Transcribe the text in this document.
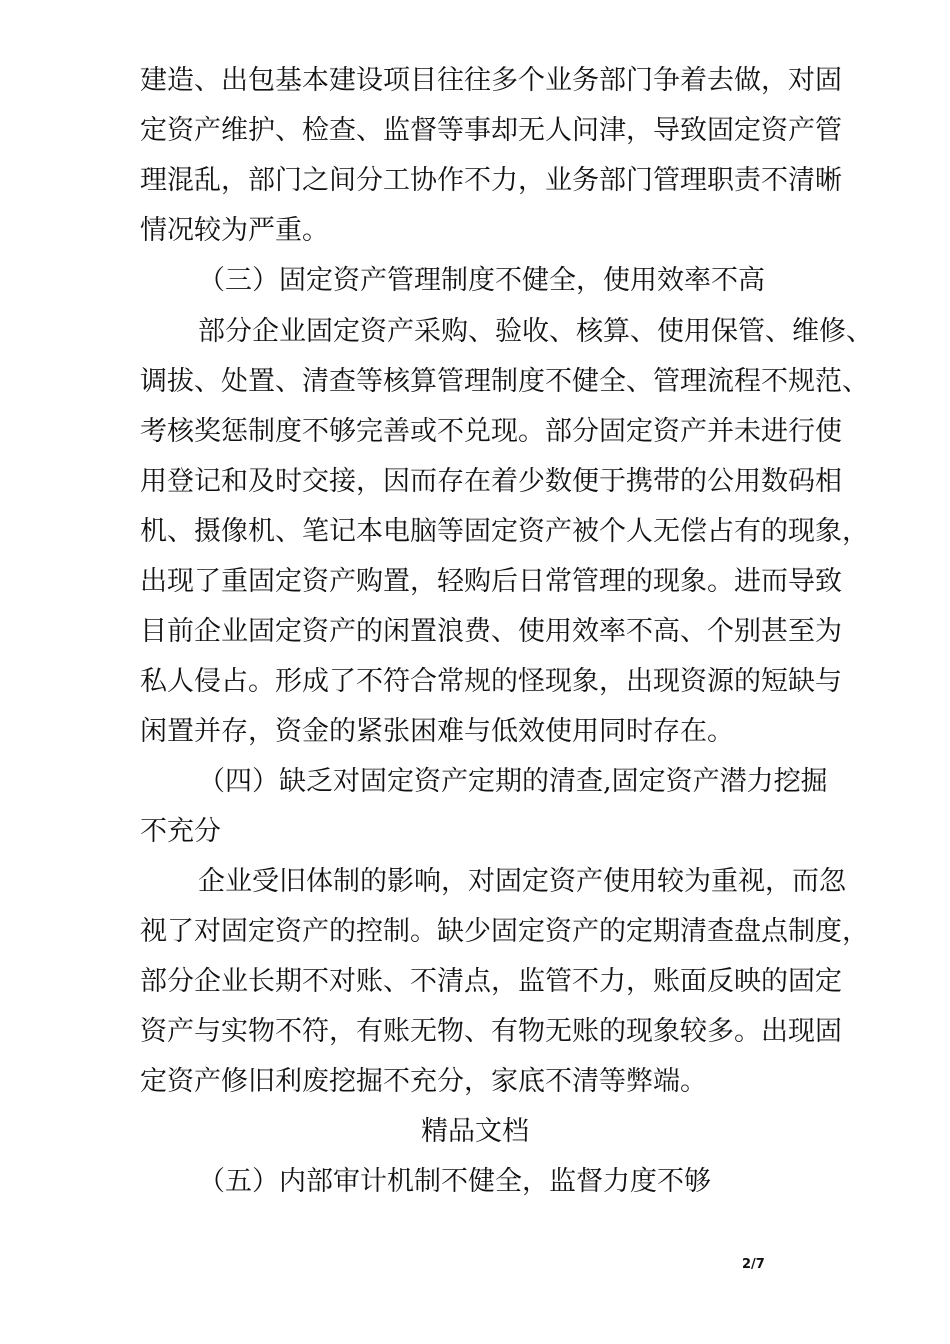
建造、出包基本建设项目往往多个业务部门争着去做，对固
定资产维护、检查、监督等事却无人问津，导致固定资产管
理混乱，部门之间分工协作不力，业务部门管理职责不清晰
情况较为严重。
（三）固定资产管理制度不健全，使用效率不高
部分企业固定资产采购、验收、核算、使用保管、维修、
调拔、处置、清查等核算管理制度不健全、管理流程不规范、
考核奖惩制度不够完善或不兑现。部分固定资产并未进行使
用登记和及时交接，因而存在着少数便于携带的公用数码相
机、摄像机、笔记本电脑等固定资产被个人无偿占有的现象，
出现了重固定资产购置，轻购后日常管理的现象。进而导致
目前企业固定资产的闲置浪费、使用效率不高、个别甚至为
私人侵占。形成了不符合常规的怪现象，出现资源的短缺与
闲置并存，资金的紧张困难与低效使用同时存在。
（四）缺乏对固定资产定期的清查,固定资产潜力挖掘
不充分
企业受旧体制的影响，对固定资产使用较为重视，而忽
视了对固定资产的控制。缺少固定资产的定期清查盘点制度，
部分企业长期不对账、不清点，监管不力，账面反映的固定
资产与实物不符，有账无物、有物无账的现象较多。出现固
定资产修旧利废挖掘不充分，家底不清等弊端。
精品文档
（五）内部审计机制不健全，监督力度不够
2/7
